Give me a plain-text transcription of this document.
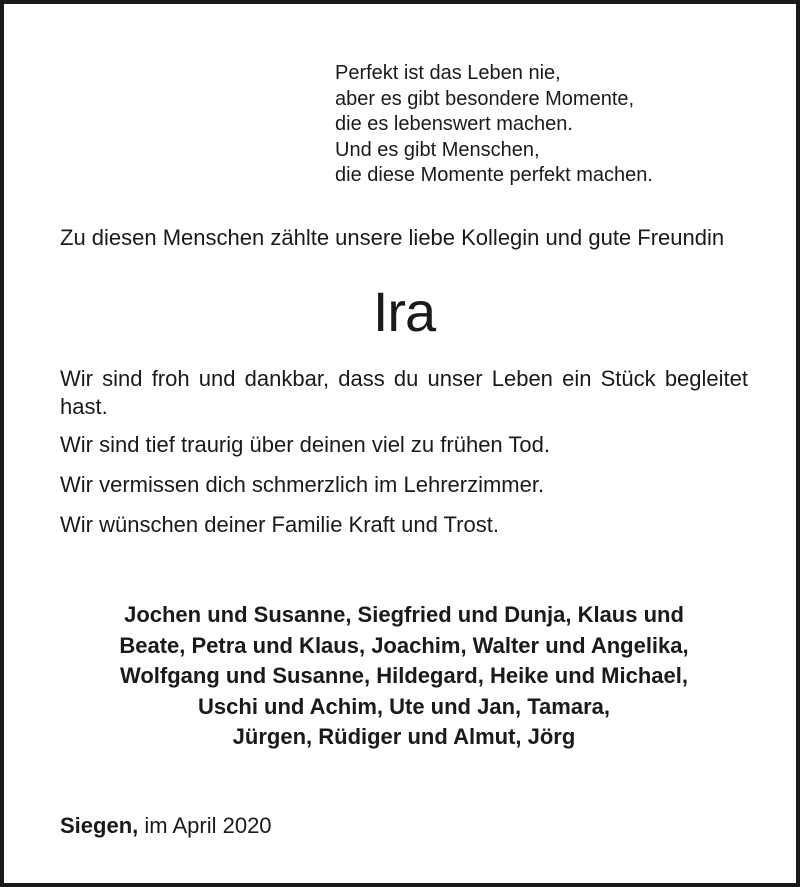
Perfekt ist das Leben nie,
aber es gibt besondere Momente,
die es lebenswert machen.
Und es gibt Menschen,
die diese Momente perfekt machen.
Zu diesen Menschen zählte unsere liebe Kollegin und gute Freundin
Ira
Wir sind froh und dankbar, dass du unser Leben ein Stück begleitet hast.
Wir sind tief traurig über deinen viel zu frühen Tod.
Wir vermissen dich schmerzlich im Lehrerzimmer.
Wir wünschen deiner Familie Kraft und Trost.
Jochen und Susanne, Siegfried und Dunja, Klaus und
Beate, Petra und Klaus, Joachim, Walter und Angelika,
Wolfgang und Susanne, Hildegard, Heike und Michael,
Uschi und Achim, Ute und Jan, Tamara,
Jürgen, Rüdiger und Almut, Jörg
Siegen, im April 2020
